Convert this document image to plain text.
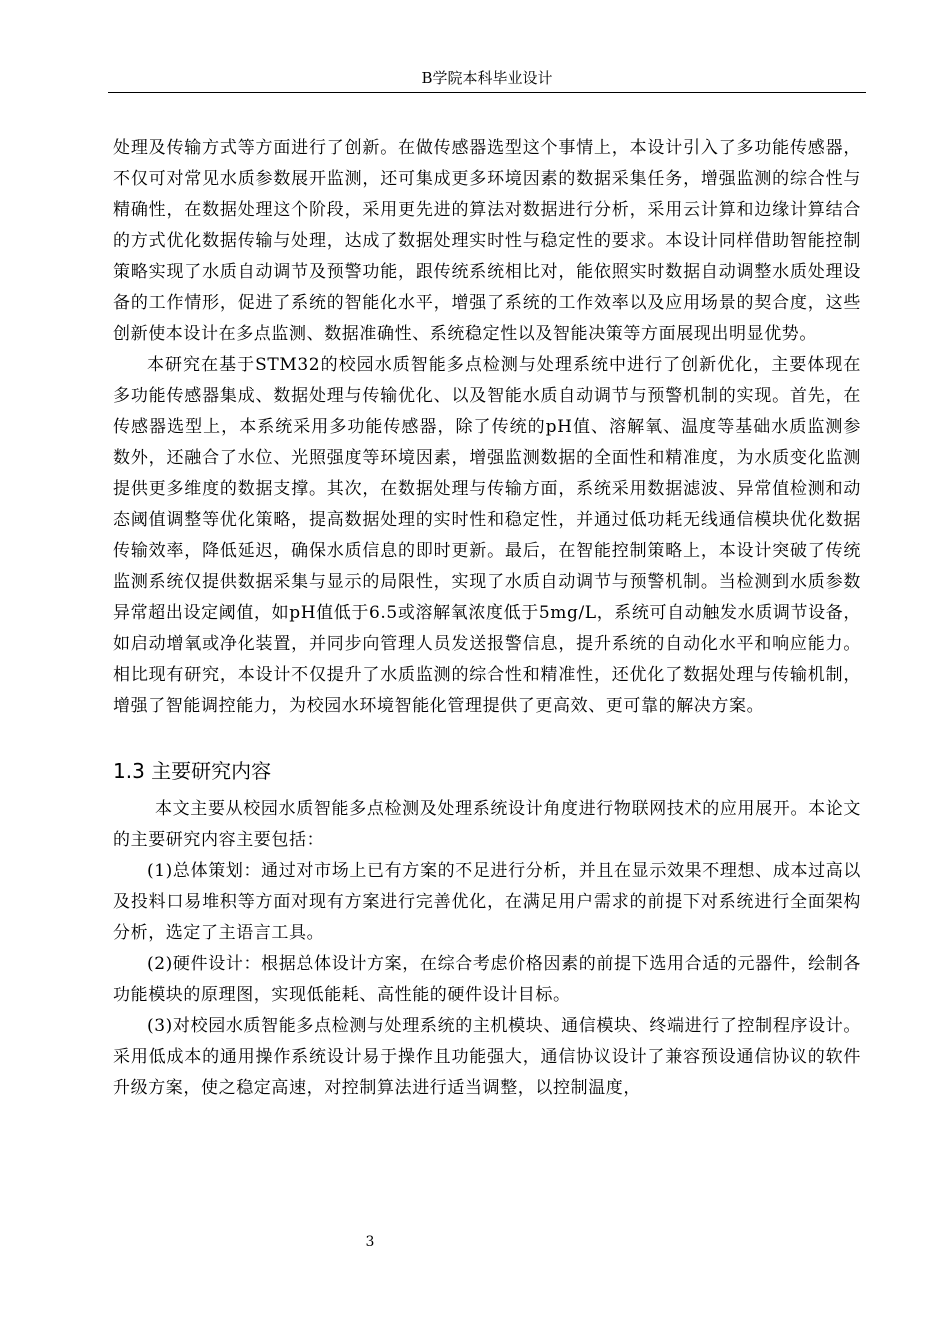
B学院本科毕业设计

处理及传输方式等方面进行了创新。在做传感器选型这个事情上，本设计引入了多功能传感器，不仅可对常见水质参数展开监测，还可集成更多环境因素的数据采集任务，增强监测的综合性与精确性，在数据处理这个阶段，采用更先进的算法对数据进行分析，采用云计算和边缘计算结合的方式优化数据传输与处理，达成了数据处理实时性与稳定性的要求。本设计同样借助智能控制策略实现了水质自动调节及预警功能，跟传统系统相比对，能依照实时数据自动调整水质处理设备的工作情形，促进了系统的智能化水平，增强了系统的工作效率以及应用场景的契合度，这些创新使本设计在多点监测、数据准确性、系统稳定性以及智能决策等方面展现出明显优势。

本研究在基于STM32的校园水质智能多点检测与处理系统中进行了创新优化，主要体现在多功能传感器集成、数据处理与传输优化、以及智能水质自动调节与预警机制的实现。首先，在传感器选型上，本系统采用多功能传感器，除了传统的pH值、溶解氧、温度等基础水质监测参数外，还融合了水位、光照强度等环境因素，增强监测数据的全面性和精准度，为水质变化监测提供更多维度的数据支撑。其次，在数据处理与传输方面，系统采用数据滤波、异常值检测和动态阈值调整等优化策略，提高数据处理的实时性和稳定性，并通过低功耗无线通信模块优化数据传输效率，降低延迟，确保水质信息的即时更新。最后，在智能控制策略上，本设计突破了传统监测系统仅提供数据采集与显示的局限性，实现了水质自动调节与预警机制。当检测到水质参数异常超出设定阈值，如pH值低于6.5或溶解氧浓度低于5mg/L，系统可自动触发水质调节设备，如启动增氧或净化装置，并同步向管理人员发送报警信息，提升系统的自动化水平和响应能力。相比现有研究，本设计不仅提升了水质监测的综合性和精准性，还优化了数据处理与传输机制，增强了智能调控能力，为校园水环境智能化管理提供了更高效、更可靠的解决方案。

1.3 主要研究内容

本文主要从校园水质智能多点检测及处理系统设计角度进行物联网技术的应用展开。本论文的主要研究内容主要包括：

(1)总体策划：通过对市场上已有方案的不足进行分析，并且在显示效果不理想、成本过高以及投料口易堆积等方面对现有方案进行完善优化，在满足用户需求的前提下对系统进行全面架构分析，选定了主语言工具。

(2)硬件设计：根据总体设计方案，在综合考虑价格因素的前提下选用合适的元器件，绘制各功能模块的原理图，实现低能耗、高性能的硬件设计目标。

(3)对校园水质智能多点检测与处理系统的主机模块、通信模块、终端进行了控制程序设计。采用低成本的通用操作系统设计易于操作且功能强大，通信协议设计了兼容预设通信协议的软件升级方案，使之稳定高速，对控制算法进行适当调整，以控制温度，

3
